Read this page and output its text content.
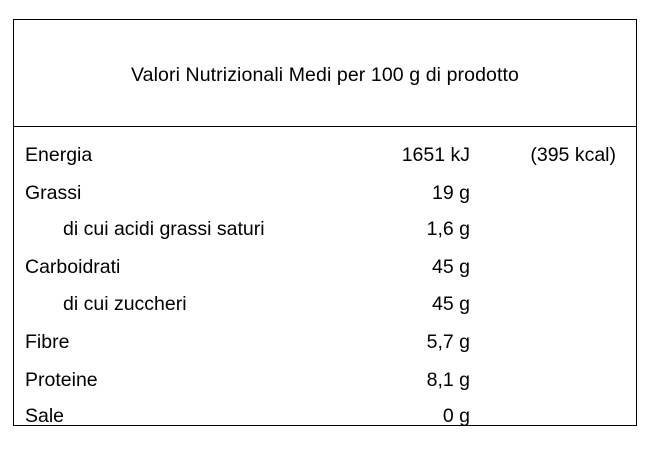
Valori Nutrizionali Medi per 100 g di prodotto
Energia	1651 kJ	(395 kcal)
Grassi	19 g
di cui acidi grassi saturi	1,6 g
Carboidrati	45 g
di cui zuccheri	45 g
Fibre	5,7 g
Proteine	8,1 g
Sale	0 g
